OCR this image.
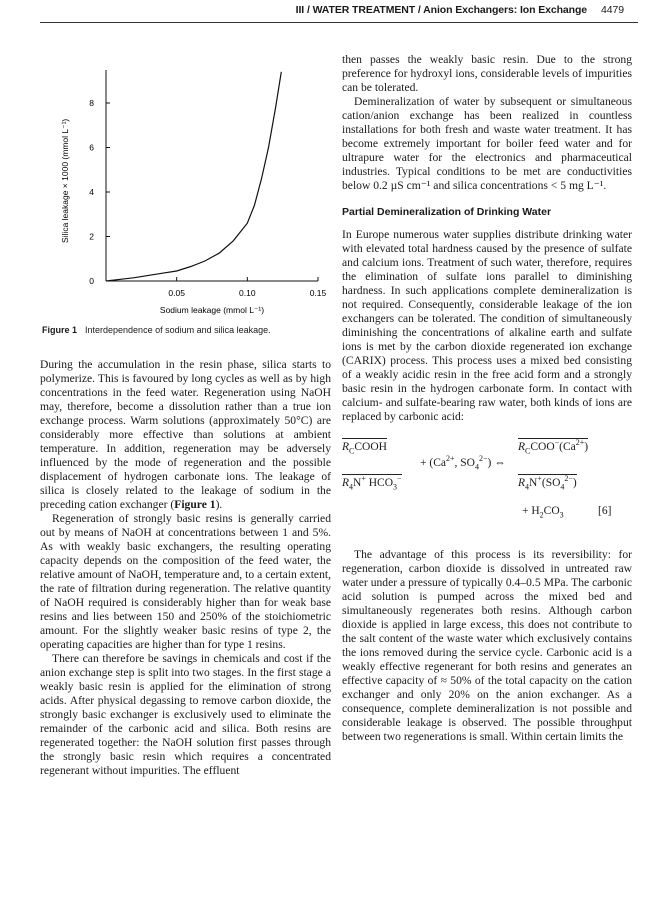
III / WATER TREATMENT / Anion Exchangers: Ion Exchange 4479
0.05	0.10	0.15
0
2
4
6
8
Sodium leakage (mmol L⁻¹)
Silica leakage × 1000 (mmol L⁻¹)
Figure 1 Interdependence of sodium and silica leakage.

During the accumulation in the resin phase, silica starts to polymerize. This is favoured by long cycles as well as by high concentrations in the feed water. Regeneration using NaOH may, therefore, become a dissolution rather than a true ion exchange process. Warm solutions (approximately 50°C) are considerably more effective than solutions at ambient temperature. In addition, regeneration may be adversely influenced by the mode of regeneration and the possible displacement of hydrogen carbonate ions. The leakage of silica is closely related to the leakage of sodium in the preceding cation exchanger (Figure 1).

Regeneration of strongly basic resins is generally carried out by means of NaOH at concentrations between 1 and 5%. As with weakly basic exchangers, the resulting operating capacity depends on the composition of the feed water, the relative amount of NaOH, temperature and, to a certain extent, the rate of filtration during regeneration. The relative quantity of NaOH required is considerably higher than for weak base resins and lies between 150 and 250% of the stoichiometric amount. For the slightly weaker basic resins of type 2, the operating capacities are higher than for type 1 resins.

There can therefore be savings in chemicals and cost if the anion exchange step is split into two stages. In the first stage a weakly basic resin is applied for the elimination of strong acids. After physical degassing to remove carbon dioxide, the strongly basic exchanger is exclusively used to eliminate the remainder of the carbonic acid and silica. Both resins are regenerated together: the NaOH solution first passes through the strongly basic resin which requires a concentrated regenerant without impurities. The effluent

then passes the weakly basic resin. Due to the strong preference for hydroxyl ions, considerable levels of impurities can be tolerated.

Demineralization of water by subsequent or simultaneous cation/anion exchange has been realized in countless installations for both fresh and waste water treatment. It has become extremely important for boiler feed water and for ultrapure water for the electronics and pharmaceutical industries. Typical conditions to be met are conductivities below 0.2 µS cm⁻¹ and silica concentrations < 5 mg L⁻¹.

Partial Demineralization of Drinking Water

In Europe numerous water supplies distribute drinking water with elevated total hardness caused by the presence of sulfate and calcium ions. Treatment of such water, therefore, requires the elimination of sulfate ions parallel to diminishing hardness. In such applications complete demineralization is not required. Consequently, considerable leakage of the ion exchangers can be tolerated. The condition of simultaneously diminishing the concentrations of alkaline earth and sulfate ions is met by the carbon dioxide regenerated ion exchange (CARIX) process. This process uses a mixed bed consisting of a weakly acidic resin in the free acid form and a strongly basic resin in the hydrogen carbonate form. In contact with calcium- and sulfate-bearing raw water, both kinds of ions are replaced by carbonic acid:

$R_CCOOH$
$R_4N^+$ $HCO_3^-$
+ ($Ca^{2+}$, $SO_4^{2-}$) ⇔
$R_CCOO^-(Ca^{2+})$
$R_4N^+(SO_4^{2-})$
+ $H_2CO_3$	[6]

The advantage of this process is its reversibility: for regeneration, carbon dioxide is dissolved in untreated raw water under a pressure of typically 0.4–0.5 MPa. The carbonic acid solution is pumped across the mixed bed and simultaneously regenerates both resins. Although carbon dioxide is applied in large excess, this does not contribute to the salt content of the waste water which exclusively contains the ions removed during the service cycle. Carbonic acid is a weakly effective regenerant for both resins and generates an effective capacity of ≈ 50% of the total capacity on the cation exchanger and only 20% on the anion exchanger. As a consequence, complete demineralization is not possible and considerable leakage is observed. The possible throughput between two regenerations is small. Within certain limits the
